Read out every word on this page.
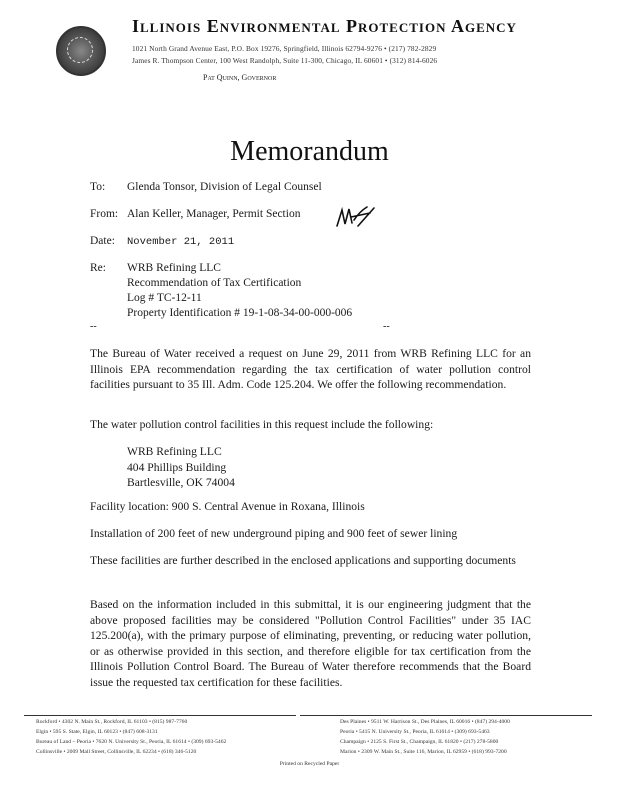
Illinois Environmental Protection Agency
1021 North Grand Avenue East, P.O. Box 19276, Springfield, Illinois 62794-9276 • (217) 782-2829
James R. Thompson Center, 100 West Randolph, Suite 11-300, Chicago, IL 60601 • (312) 814-6026
Pat Quinn, Governor
Memorandum
To: Glenda Tonsor, Division of Legal Counsel
From: Alan Keller, Manager, Permit Section
Date: November 21, 2011
Re: WRB Refining LLC
Recommendation of Tax Certification
Log # TC-12-11
Property Identification # 19-1-08-34-00-000-006
--	--

The Bureau of Water received a request on June 29, 2011 from WRB Refining LLC for an Illinois EPA recommendation regarding the tax certification of water pollution control facilities pursuant to 35 Ill. Adm. Code 125.204. We offer the following recommendation.

The water pollution control facilities in this request include the following:

WRB Refining LLC
404 Phillips Building
Bartlesville, OK 74004

Facility location: 900 S. Central Avenue in Roxana, Illinois

Installation of 200 feet of new underground piping and 900 feet of sewer lining

These facilities are further described in the enclosed applications and supporting documents

Based on the information included in this submittal, it is our engineering judgment that the above proposed facilities may be considered "Pollution Control Facilities" under 35 IAC 125.200(a), with the primary purpose of eliminating, preventing, or reducing water pollution, or as otherwise provided in this section, and therefore eligible for tax certification from the Illinois Pollution Control Board. The Bureau of Water therefore recommends that the Board issue the requested tax certification for these facilities.

Rockford • 4302 N. Main St., Rockford, IL 61103 • (815) 987-7760
Elgin • 595 S. State, Elgin, IL 60123 • (847) 608-3131
Bureau of Land – Peoria • 7620 N. University St., Peoria, IL 61614 • (309) 693-5462
Collinsville • 2009 Mall Street, Collinsville, IL 62234 • (618) 346-5120
Des Plaines • 9511 W. Harrison St., Des Plaines, IL 60016 • (847) 294-4000
Peoria • 5415 N. University St., Peoria, IL 61614 • (309) 693-5463
Champaign • 2125 S. First St., Champaign, IL 61820 • (217) 278-5800
Marion • 2309 W. Main St., Suite 116, Marion, IL 62959 • (618) 993-7200
Printed on Recycled Paper
